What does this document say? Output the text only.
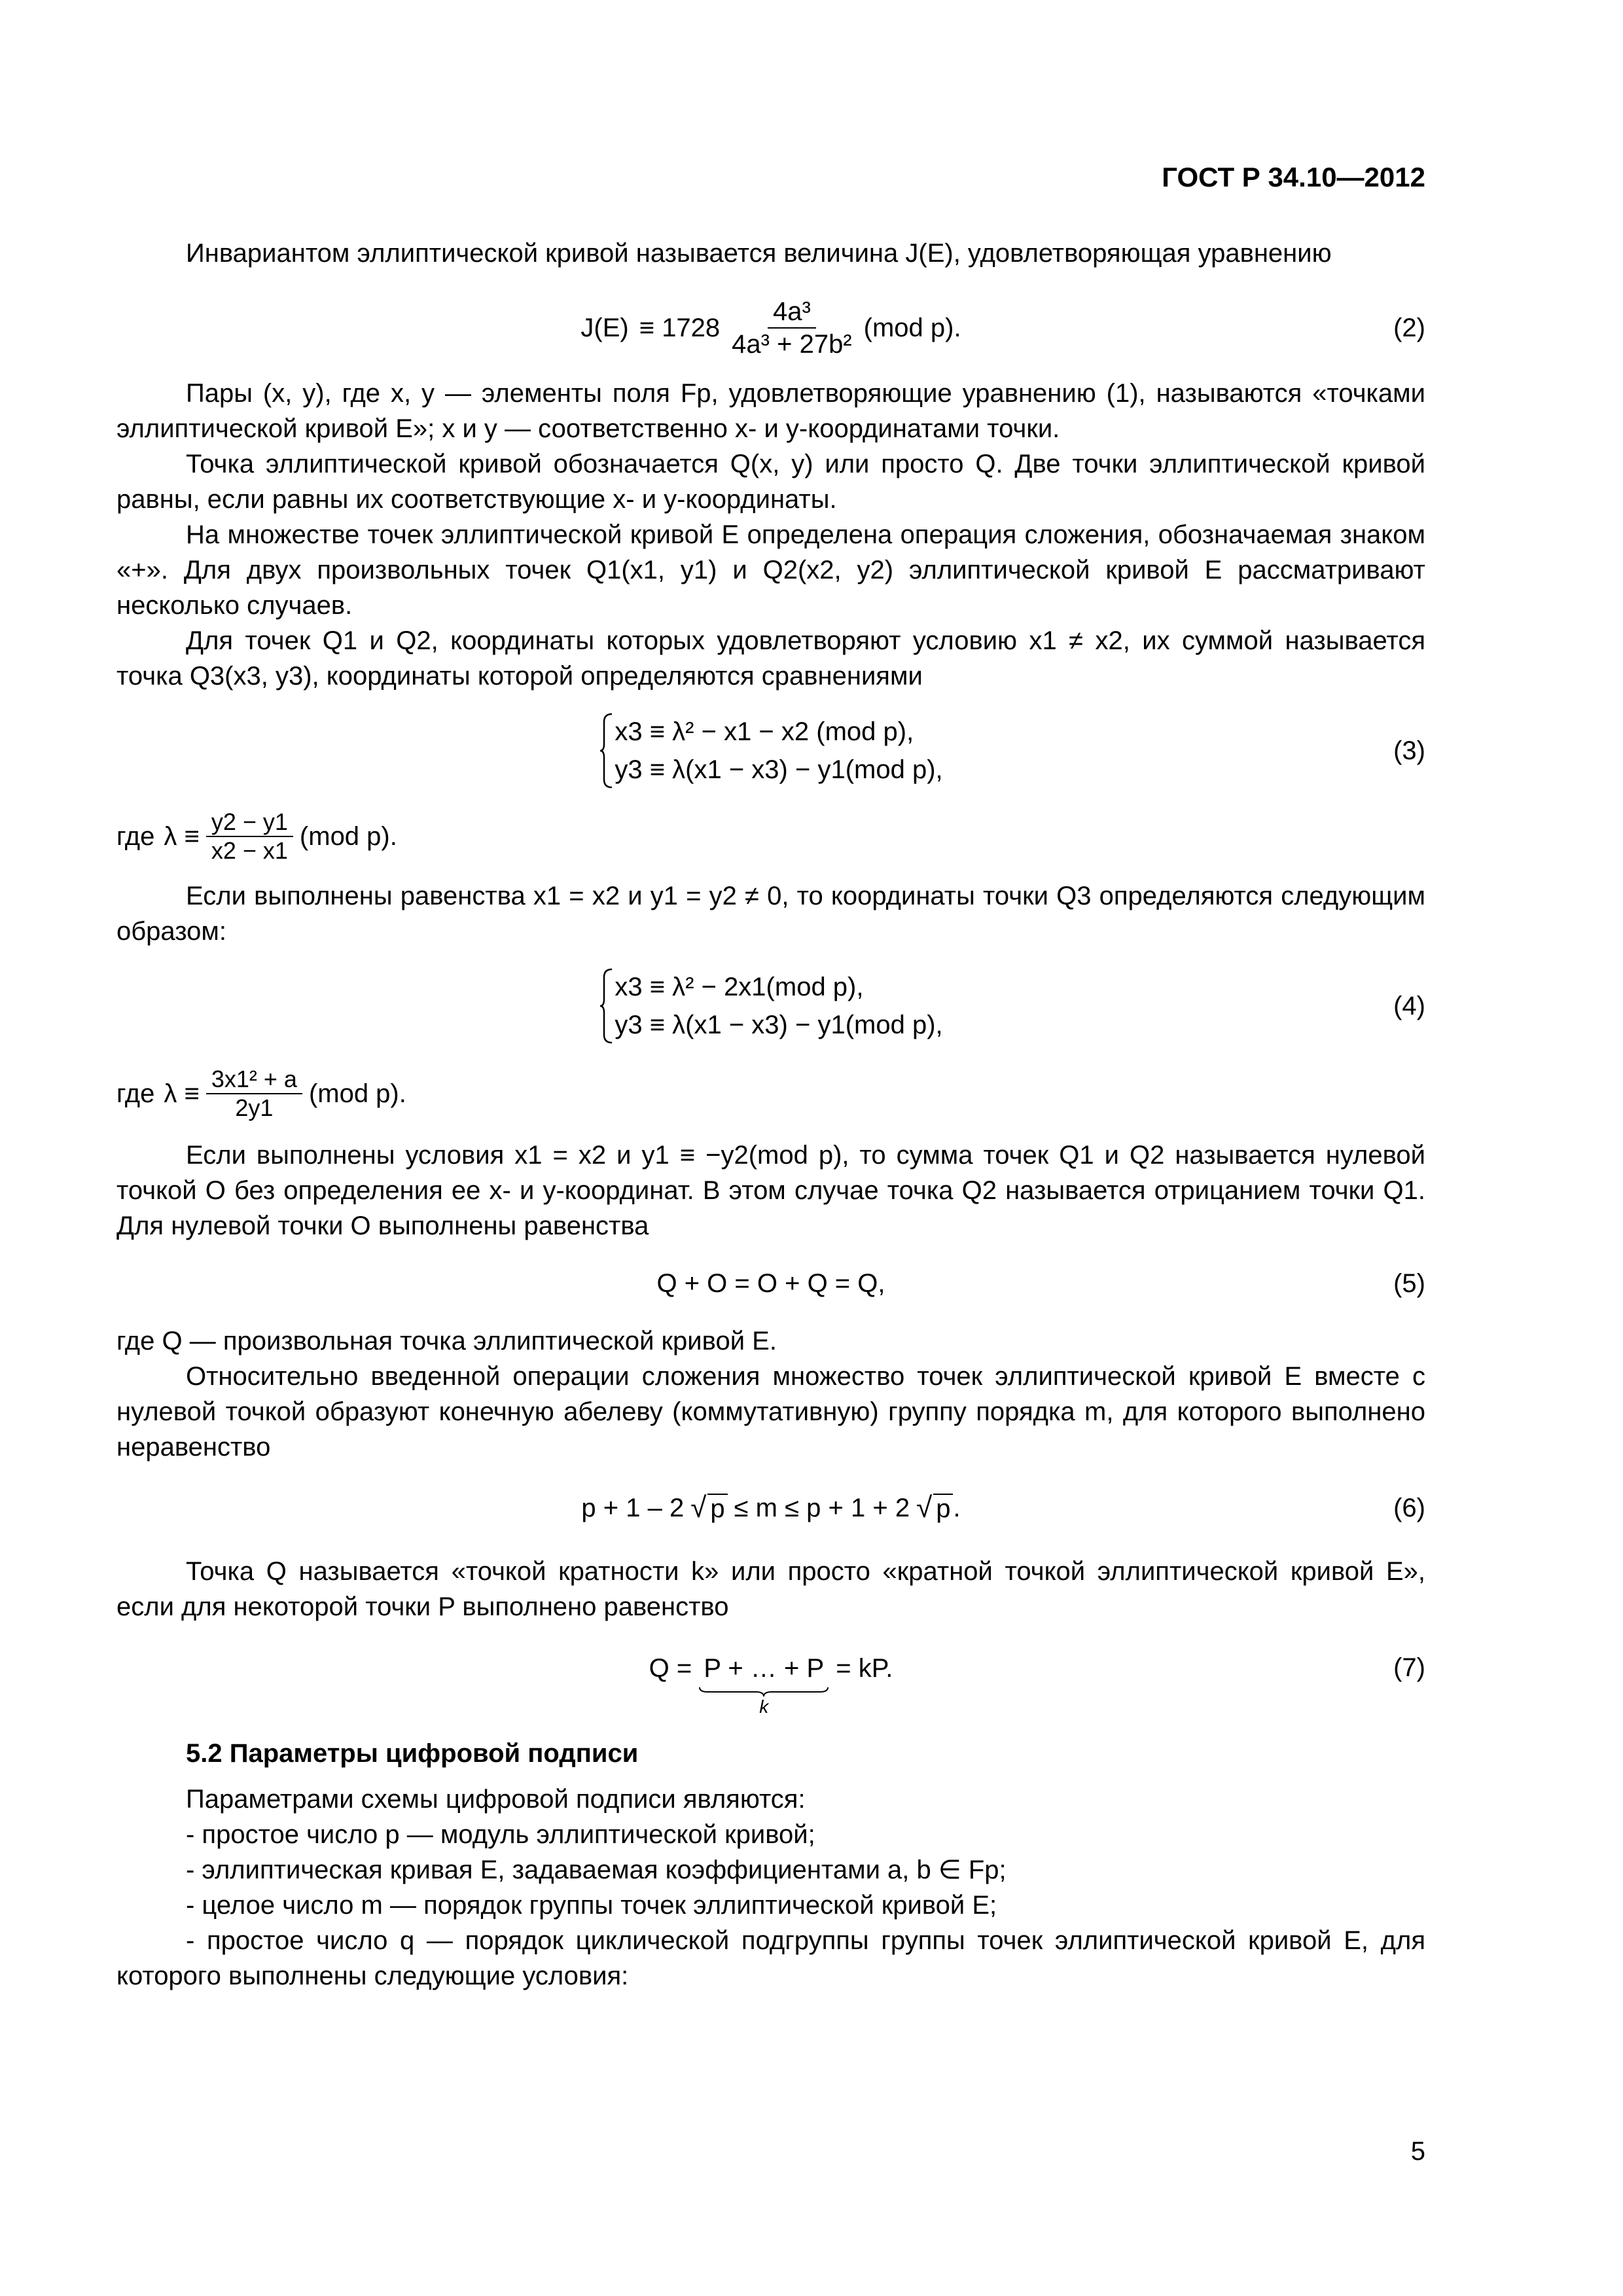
ГОСТ Р 34.10—2012

Инвариантом эллиптической кривой называется величина J(E), удовлетворяющая уравнению

$J(E) \equiv 1728 \frac{\text{4a³}}{\text{4a³ + 27b²}} (mod$ p).	(2)

Пары (x, y), где x, y — элементы поля Fp, удовлетворяющие уравнению (1), называются «точками эллиптической кривой E»; x и y — соответственно x- и y-координатами точки.

Точка эллиптической кривой обозначается Q(x, y) или просто Q. Две точки эллиптической кривой равны, если равны их соответствующие x- и y-координаты.

На множестве точек эллиптической кривой E определена операция сложения, обозначаемая знаком «+». Для двух произвольных точек Q1(x1, y1) и Q2(x2, y2) эллиптической кривой E рассматривают несколько случаев.

Для точек Q1 и Q2, координаты которых удовлетворяют условию x1 ≠ x2, их суммой называется точка Q3(x3, y3), координаты которой определяются сравнениями

x3 ≡ λ² − x1 − x2 (mod p),
y3 ≡ λ(x1 − x3) − y1(mod p),
(3)
где $\lambda \equiv \frac{y2 - y1}{x2 - x1} (mod$ p).

Если выполнены равенства x1 = x2 и y1 = y2 ≠ 0, то координаты точки Q3 определяются следующим образом:

x3 ≡ λ² − 2x1(mod p),
y3 ≡ λ(x1 − x3) − y1(mod p),
(4)
где $\lambda \equiv \frac{\text{3x1² + a}}{2y1} (mod$ p).

Если выполнены условия x1 = x2 и y1 ≡ −y2(mod p), то сумма точек Q1 и Q2 называется нулевой точкой O без определения ее x- и y-координат. В этом случае точка Q2 называется отрицанием точки Q1. Для нулевой точки O выполнены равенства

Q + O = O + Q = Q,	(5)

где Q — произвольная точка эллиптической кривой E.

Относительно введенной операции сложения множество точек эллиптической кривой E вместе с нулевой точкой образуют конечную абелеву (коммутативную) группу порядка m, для которого выполнено неравенство

p + 1 – 2 √ p ≤ m ≤ p + 1 + 2 √ p .	(6)

Точка Q называется «точкой кратности k» или просто «кратной точкой эллиптической кривой E», если для некоторой точки P выполнено равенство

Q = P + … + P
k
= kP.	(7)
5.2 Параметры цифровой подписи

Параметрами схемы цифровой подписи являются:

- простое число p — модуль эллиптической кривой;

- эллиптическая кривая E, задаваемая коэффициентами a, b ∈ Fp;

- целое число m — порядок группы точек эллиптической кривой E;

- простое число q — порядок циклической подгруппы группы точек эллиптической кривой E, для которого выполнены следующие условия:

5
